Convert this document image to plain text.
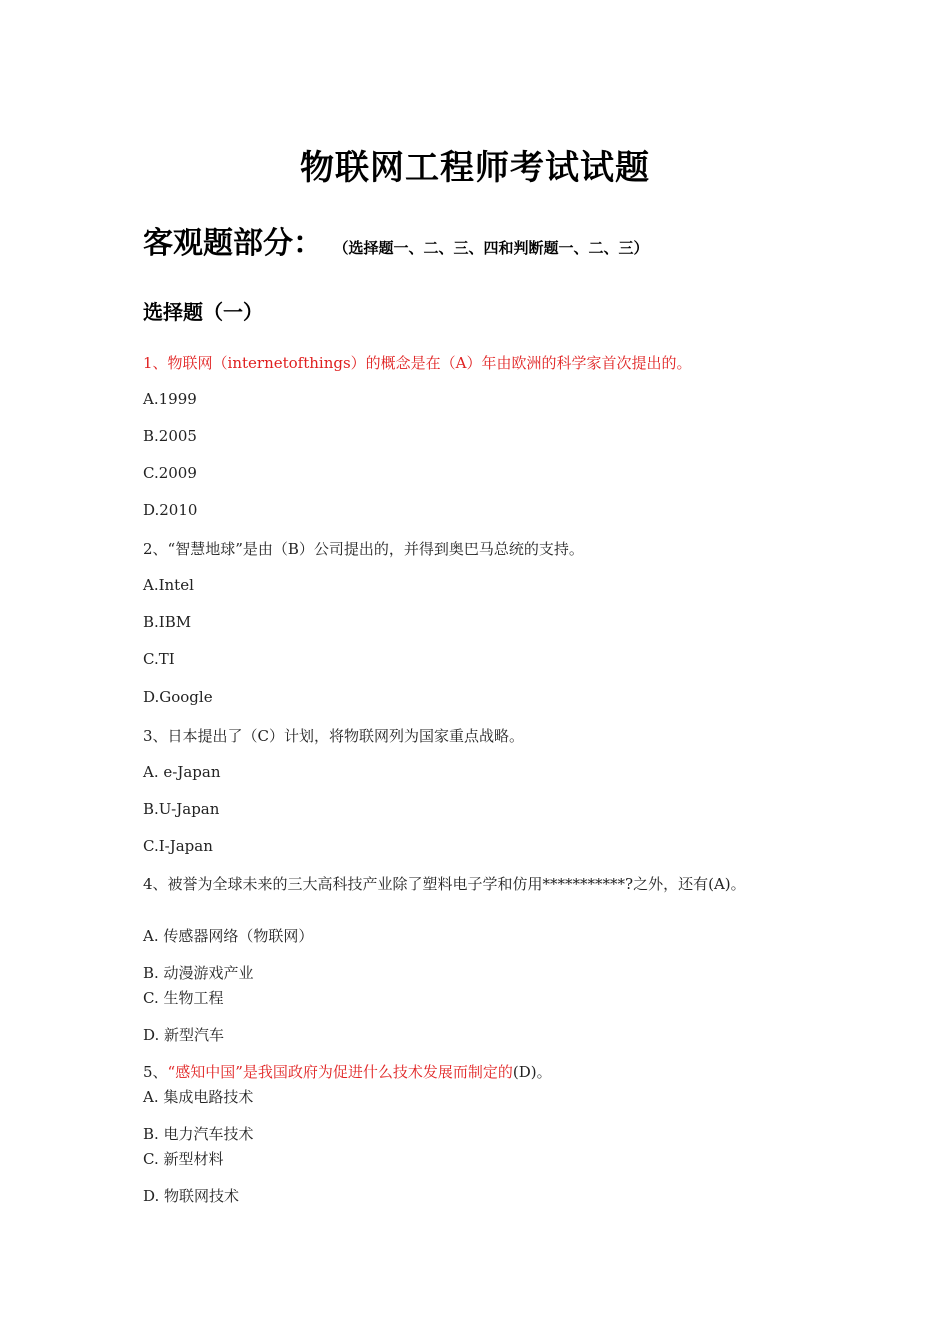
物联网工程师考试试题
客观题部分： （选择题一、二、三、四和判断题一、二、三）
选择题（一）
1、物联网（internetofthings）的概念是在（A）年由欧洲的科学家首次提出的。
A.1999
B.2005
C.2009
D.2010
2、“智慧地球”是由（B）公司提出的，并得到奥巴马总统的支持。
A.Intel
B.IBM
C.TI
D.Google
3、日本提出了（C）计划，将物联网列为国家重点战略。
A. e-Japan
B.U-Japan
C.I-Japan
4、被誉为全球未来的三大高科技产业除了塑料电子学和仿用***********?之外，还有(A)。
A. 传感器网络（物联网）
B. 动漫游戏产业
C. 生物工程
D. 新型汽车
5、“感知中国”是我国政府为促进什么技术发展而制定的(D)。
A. 集成电路技术
B. 电力汽车技术
C. 新型材料
D. 物联网技术
